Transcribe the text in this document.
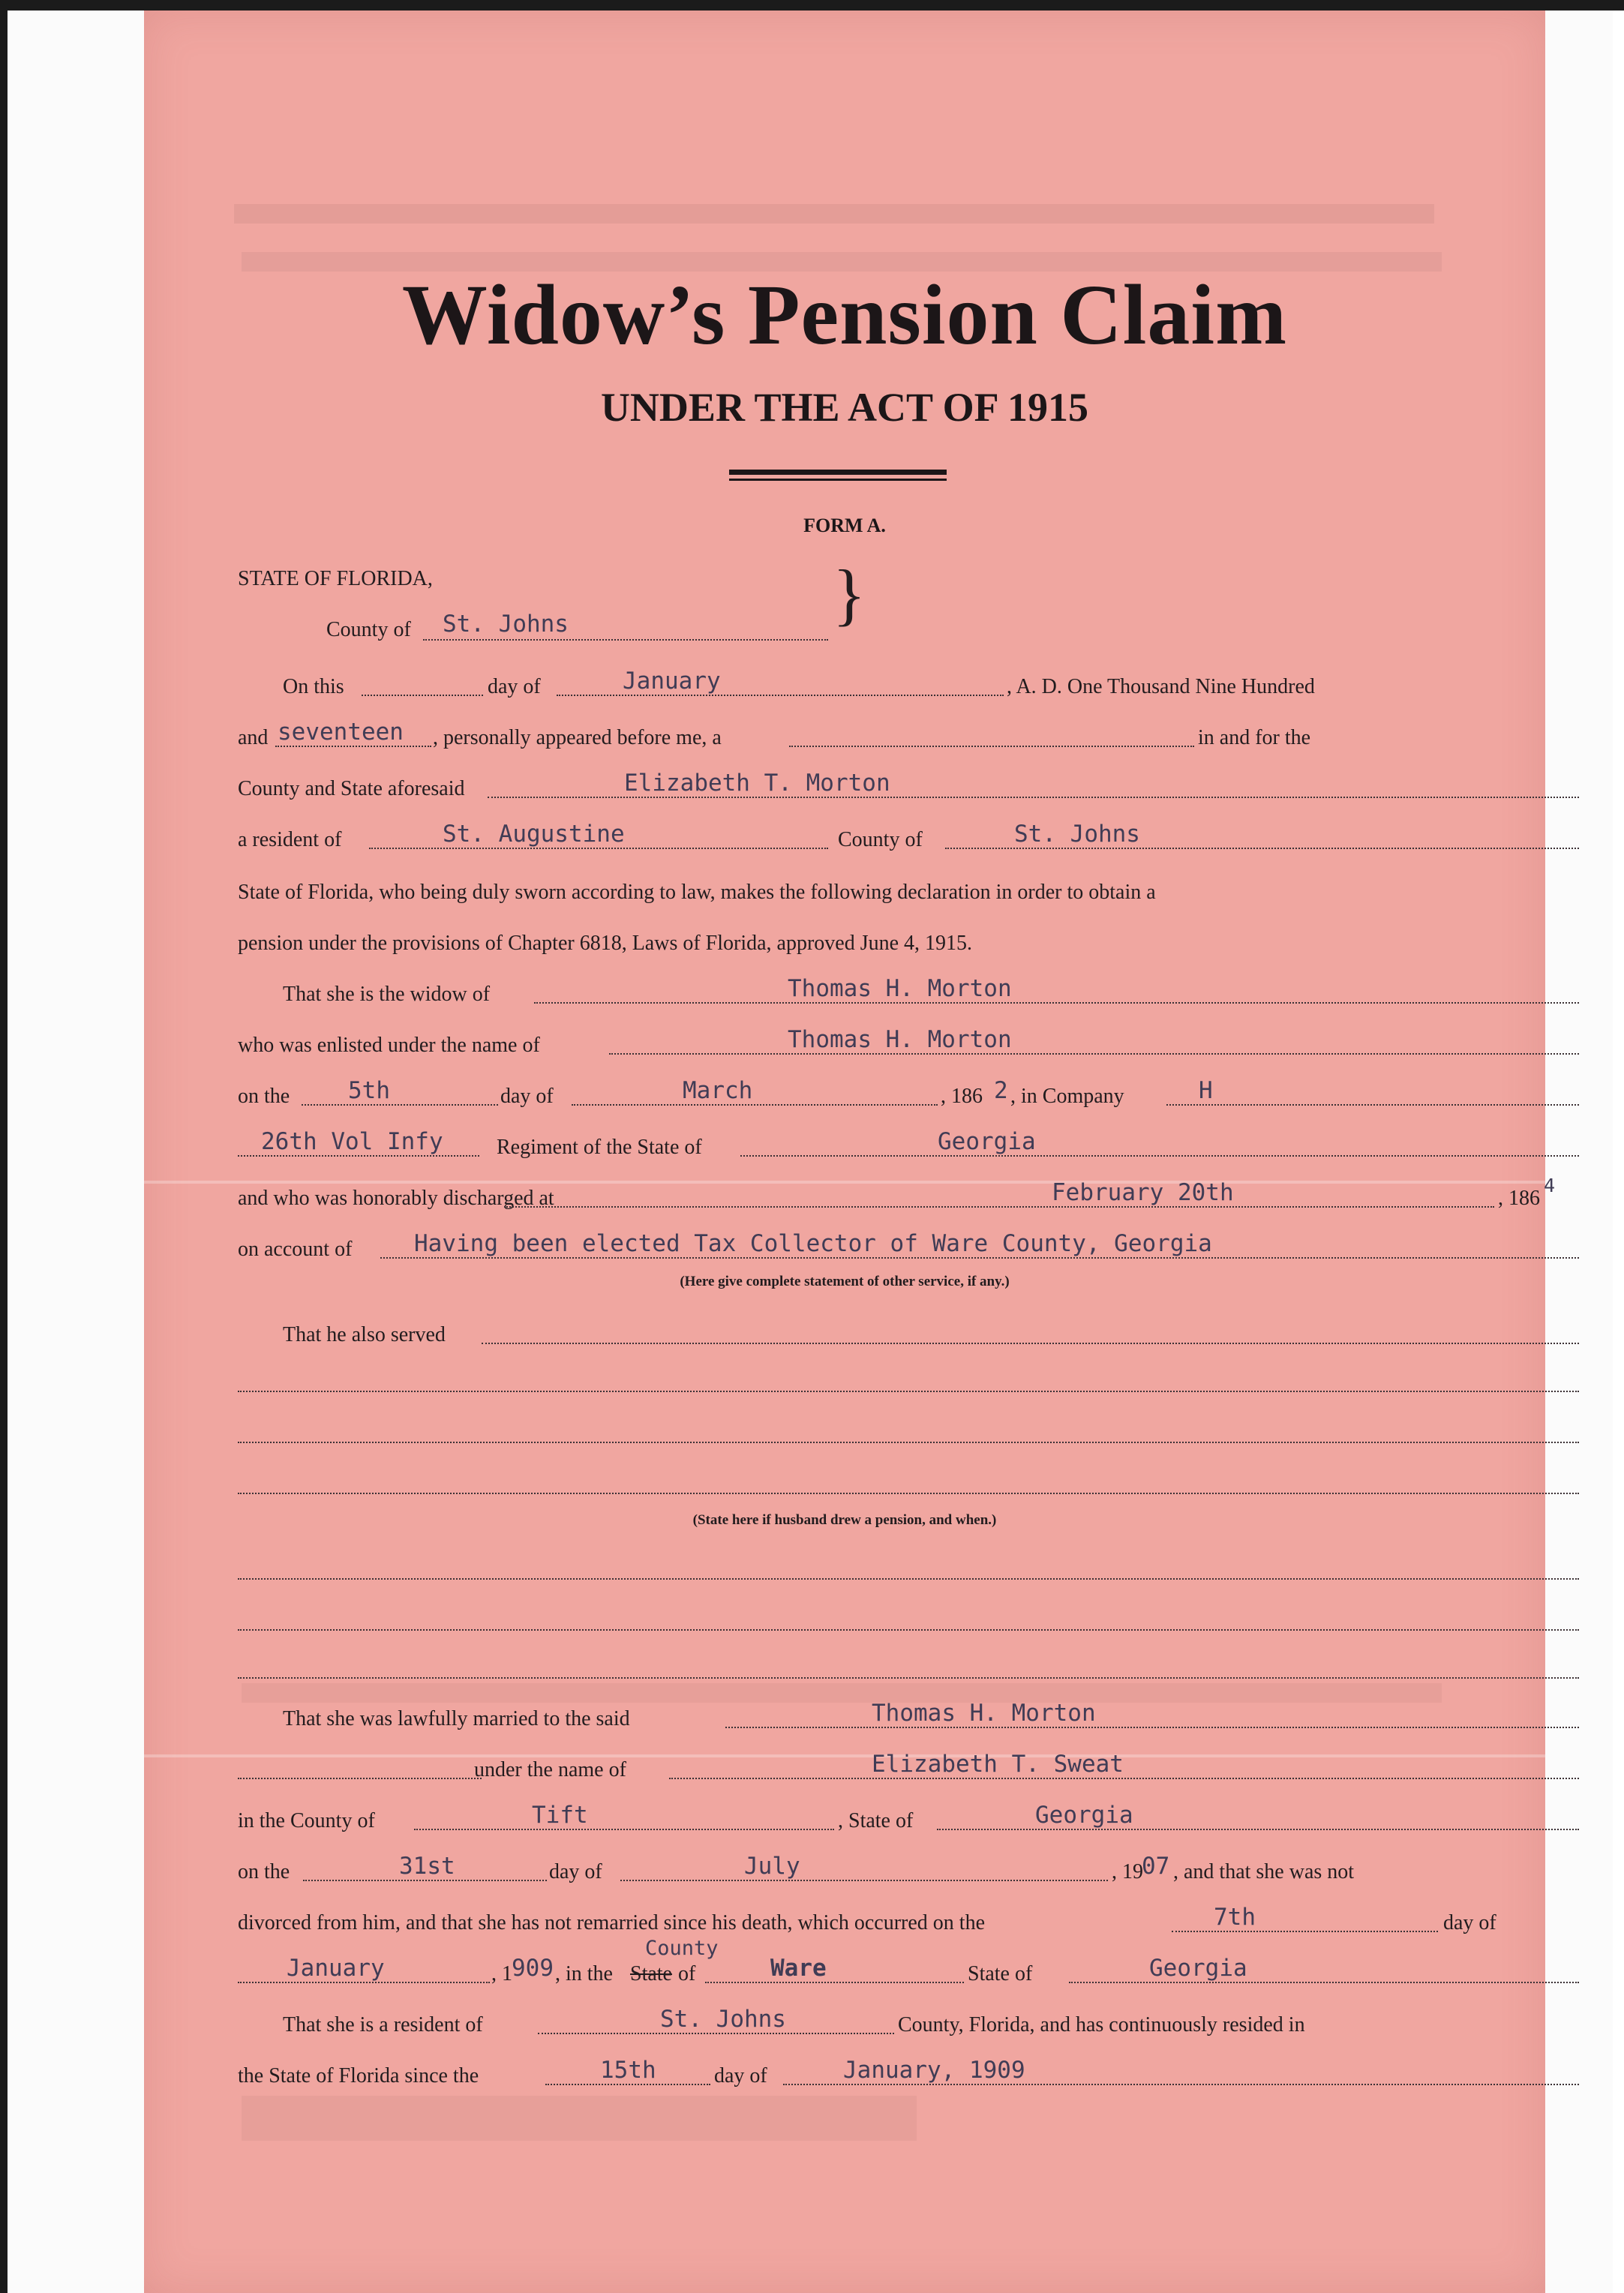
Widow’s Pension Claim
UNDER THE ACT OF 1915
FORM A.
STATE OF FLORIDA,
County of St. Johns	}
On this	day of	January	, A. D. One Thousand Nine Hundred
and seventeen , personally appeared before me, a	in and for the
County and State aforesaid	Elizabeth T. Morton
a resident of	St. Augustine	County of	St. Johns
State of Florida, who being duly sworn according to law, makes the following declaration in order to obtain a
pension under the provisions of Chapter 6818, Laws of Florida, approved June 4, 1915.
That she is the widow of	Thomas H. Morton
who was enlisted under the name of	Thomas H. Morton
on the	5th	day of	March	, 186 2 , in Company	H
26th Vol Infy	Regiment of the State of	Georgia
and who was honorably discharged at	February 20th	, 186
4
on account of	Having been elected Tax Collector of Ware County, Georgia
(Here give complete statement of other service, if any.)
That he also served
(State here if husband drew a pension, and when.)
That she was lawfully married to the said	Thomas H. Morton
under the name of	Elizabeth T. Sweat
in the County of	Tift	, State of	Georgia
on the	31st	day of	July	, 19
07 , and that she was not
divorced from him, and that she has not remarried since his death, which occurred on the	7th	day of
January	, 1 909 , in the State
County
of	Ware	State of	Georgia
That she is a resident of	St. Johns	County, Florida, and has continuously resided in
the State of Florida since the	15th	day of	January, 1909
